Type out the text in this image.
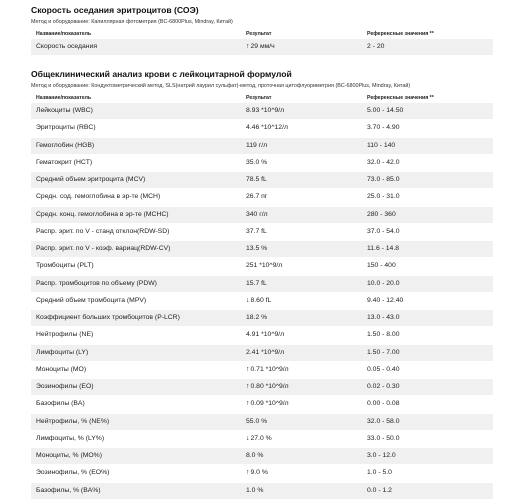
Скорость оседания эритроцитов (СОЭ)
Метод и оборудование: Капиллярная фотометрия (BC-6800Plus, Mindray, Китай)
Название/показатель	Результат	Референсные значения **
Скорость оседания	↑29 мм/ч	2 - 20
Общеклинический анализ крови с лейкоцитарной формулой
Метод и оборудование: Кондуктометрический метод, SLS(натрий лаурил сульфат)-метод, проточная цитофлуориметрия (BC-6800Plus, Mindray, Китай)
Название/показатель	Результат	Референсные значения **
Лейкоциты (WBC)	8.93 *10^9/л	5.00 - 14.50
Эритроциты (RBC)	4.46 *10^12/л	3.70 - 4.90
Гемоглобин (HGB)	119 г/л	110 - 140
Гематокрит (HCT)	35.0 %	32.0 - 42.0
Средний объем эритроцита (MCV)	78.5 fL	73.0 - 85.0
Средн. сод. гемоглобина в эр-те (MCH)	26.7 пг	25.0 - 31.0
Средн. конц. гемоглобина в эр-те (MCHC)	340 г/л	280 - 360
Распр. эрит. по V - станд отклон(RDW-SD)	37.7 fL	37.0 - 54.0
Распр. эрит. по V - коэф. вариац(RDW-CV)	13.5 %	11.6 - 14.8
Тромбоциты (PLT)	251 *10^9/л	150 - 400
Распр. тромбоцитов по объему (PDW)	15.7 fL	10.0 - 20.0
Средний объем тромбоцита (MPV)	↓8.60 fL	9.40 - 12.40
Коэффициент больших тромбоцитов (P-LCR)	18.2 %	13.0 - 43.0
Нейтрофилы (NE)	4.91 *10^9/л	1.50 - 8.00
Лимфоциты (LY)	2.41 *10^9/л	1.50 - 7.00
Моноциты (MO)	↑0.71 *10^9/л	0.05 - 0.40
Эозинофилы (EO)	↑0.80 *10^9/л	0.02 - 0.30
Базофилы (BA)	↑0.09 *10^9/л	0.00 - 0.08
Нейтрофилы, % (NE%)	55.0 %	32.0 - 58.0
Лимфоциты, % (LY%)	↓27.0 %	33.0 - 50.0
Моноциты, % (MO%)	8.0 %	3.0 - 12.0
Эозинофилы, % (EO%)	↑9.0 %	1.0 - 5.0
Базофилы, % (BA%)	1.0 %	0.0 - 1.2
